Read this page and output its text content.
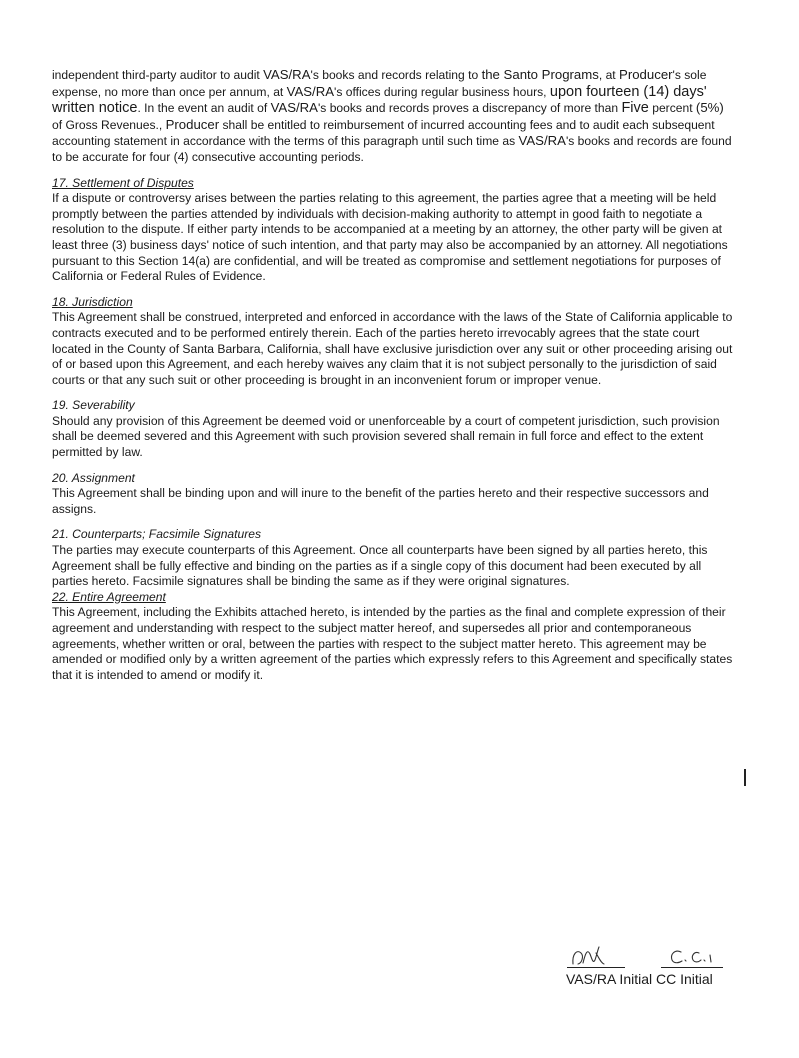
independent third-party auditor to audit VAS/RA's books and records relating to the Santo Programs, at Producer's sole expense, no more than once per annum, at VAS/RA's offices during regular business hours, upon fourteen (14) days' written notice. In the event an audit of VAS/RA's books and records proves a discrepancy of more than Five percent (5%) of Gross Revenues., Producer shall be entitled to reimbursement of incurred accounting fees and to audit each subsequent accounting statement in accordance with the terms of this paragraph until such time as VAS/RA's books and records are found to be accurate for four (4) consecutive accounting periods.

17. Settlement of Disputes

If a dispute or controversy arises between the parties relating to this agreement, the parties agree that a meeting will be held promptly between the parties attended by individuals with decision-making authority to attempt in good faith to negotiate a resolution to the dispute. If either party intends to be accompanied at a meeting by an attorney, the other party will be given at least three (3) business days' notice of such intention, and that party may also be accompanied by an attorney. All negotiations pursuant to this Section 14(a) are confidential, and will be treated as compromise and settlement negotiations for purposes of California or Federal Rules of Evidence.

18. Jurisdiction

This Agreement shall be construed, interpreted and enforced in accordance with the laws of the State of California applicable to contracts executed and to be performed entirely therein. Each of the parties hereto irrevocably agrees that the state court located in the County of Santa Barbara, California, shall have exclusive jurisdiction over any suit or other proceeding arising out of or based upon this Agreement, and each hereby waives any claim that it is not subject personally to the jurisdiction of said courts or that any such suit or other proceeding is brought in an inconvenient forum or improper venue.

19. Severability

Should any provision of this Agreement be deemed void or unenforceable by a court of competent jurisdiction, such provision shall be deemed severed and this Agreement with such provision severed shall remain in full force and effect to the extent permitted by law.

20. Assignment

This Agreement shall be binding upon and will inure to the benefit of the parties hereto and their respective successors and assigns.

21. Counterparts; Facsimile Signatures

The parties may execute counterparts of this Agreement. Once all counterparts have been signed by all parties hereto, this Agreement shall be fully effective and binding on the parties as if a single copy of this document had been executed by all parties hereto. Facsimile signatures shall be binding the same as if they were original signatures.

22. Entire Agreement

This Agreement, including the Exhibits attached hereto, is intended by the parties as the final and complete expression of their agreement and understanding with respect to the subject matter hereof, and supersedes all prior and contemporaneous agreements, whether written or oral, between the parties with respect to the subject matter hereto. This agreement may be amended or modified only by a written agreement of the parties which expressly refers to this Agreement and specifically states that it is intended to amend or modify it.

VAS/RA Initial CC Initial
